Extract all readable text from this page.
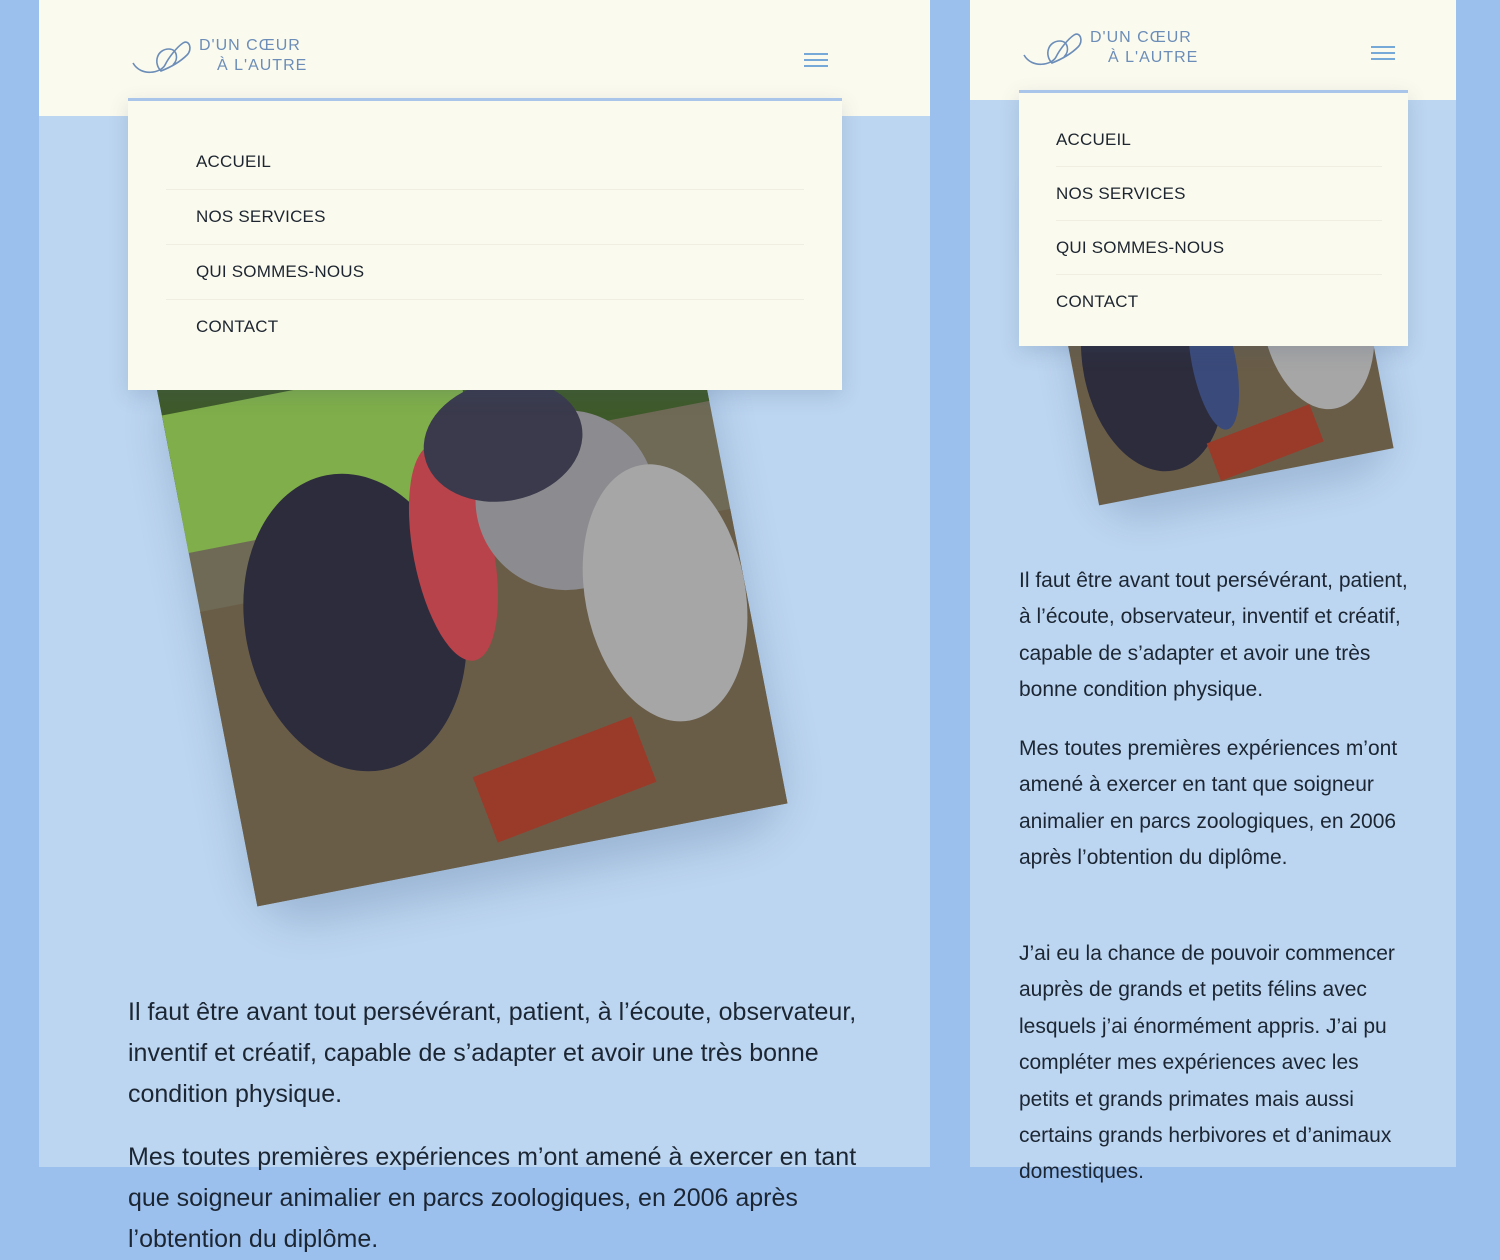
D'UN CŒUR
À L'AUTRE
ACCUEIL
NOS SERVICES
QUI SOMMES-NOUS
CONTACT

Il faut être avant tout persévérant, patient, à l’écoute, observateur, inventif et créatif, capable de s’adapter et avoir une très bonne condition physique.

Mes toutes premières expériences m’ont amené à exercer en tant que soigneur animalier en parcs zoologiques, en 2006 après l’obtention du diplôme.

D'UN CŒUR
À L'AUTRE
ACCUEIL
NOS SERVICES
QUI SOMMES-NOUS
CONTACT

Il faut être avant tout persévérant, patient, à l’écoute, observateur, inventif et créatif, capable de s’adapter et avoir une très bonne condition physique.

Mes toutes premières expériences m’ont amené à exercer en tant que soigneur animalier en parcs zoologiques, en 2006 après l’obtention du diplôme.

J’ai eu la chance de pouvoir commencer auprès de grands et petits félins avec lesquels j’ai énormément appris. J’ai pu compléter mes expériences avec les petits et grands primates mais aussi certains grands herbivores et d’animaux domestiques.
